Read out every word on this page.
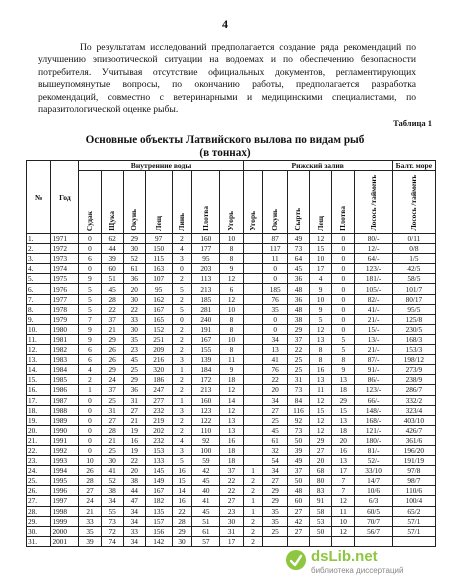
4
По результатам исследований предполагается создание ряда рекомендаций по улучшению эпизоотической ситуации на водоемах и по обеспечению безопасности потребителя. Учитывая отсутствие официальных документов, регламентирующих вышеупомянутые вопросы, по окончанию работы, предполагается разработка рекомендаций, совместно с ветеринарными и медицинскими специалистами, по паразитологической оценке рыбы.
Таблица 1
Основные объекты Латвийского вылова по видам рыб
(в тоннах)
№	Год	Внутренние воды							Рижский залив						Балт. море
		Судак	Щука	Окунь	Лещ	Линь	Плотва	Угорь	Угорь	Окунь	Сырть	Лещ	Плотва	Лосось /тайменъ	Лосось /тайменъ
1.	1971	0	62	29	97	2	160	10		87	49	12	0	80/-	0/11
2.	1972	0	44	30	150	4	177	8		117	73	15	0	12/-	0/8
3.	1973	6	39	52	115	3	95	8		11	64	10	0	64/-	1/5
4.	1974	0	60	61	163	0	203	9		0	45	17	0	123/-	42/5
5.	1975	9	51	36	107	2	113	12		0	36	4	0	181/-	58/5
6.	1976	5	45	20	95	5	213	6		185	48	9	0	105/-	101/7
7.	1977	5	28	30	162	2	185	12		76	36	10	0	82/-	80/17
8.	1978	5	22	22	167	5	281	10		35	48	9	0	41/-	95/5
9.	1979	7	37	33	165	0	240	8		0	38	5	0	21/-	125/8
10.	1980	9	21	30	152	2	191	8		0	29	12	0	15/-	230/5
11.	1981	9	29	35	251	2	167	10		34	37	13	5	13/-	168/3
12.	1982	6	26	23	209	2	155	8		13	22	8	5	21/-	153/3
13.	1983	6	26	45	216	3	139	11		41	25	8	8	87/-	198/12
14.	1984	4	29	25	320	1	184	9		76	25	16	9	91/-	273/9
15.	1985	2	24	29	186	2	172	18		22	31	13	13	86/-	238/9
16.	1986	1	37	36	247	2	213	12		20	73	11	18	123/-	286/7
17.	1987	0	25	31	277	1	160	14		34	84	12	29	66/-	332/2
18.	1988	0	31	27	232	3	123	12		27	116	15	15	148/-	323/4
19.	1989	0	27	21	219	2	122	13		25	92	12	13	168/-	403/10
20.	1990	0	28	19	202	2	110	13		45	73	12	18	121/-	426/7
21.	1991	0	21	16	232	4	92	16		61	50	29	20	180/-	361/6
22.	1992	0	25	19	153	3	100	18		32	39	27	16	81/-	196/20
23.	1993	10	30	22	133	5	59	18		54	49	20	13	52/-	191/19
24.	1994	26	41	20	145	16	42	37	1	34	37	68	17	33/10	97/8
25.	1995	28	52	38	149	15	45	22	2	27	50	80	7	14/7	98/7
26.	1996	27	38	44	167	14	40	22	2	29	48	83	7	10/6	110/6
27.	1997	24	34	47	182	16	41	27	1	29	60	91	12	6/3	100/4
28.	1998	21	55	34	135	22	45	23	1	35	27	58	11	60/5	65/2
29.	1999	33	73	34	157	28	51	30	2	35	42	53	10	70/7	57/1
30.	2000	35	72	33	156	29	61	31	2	25	27	50	12	56/7	57/1
31.	2001	39	74	34	142	30	57	17	2						
dsLib.net
библиотека диссертаций
